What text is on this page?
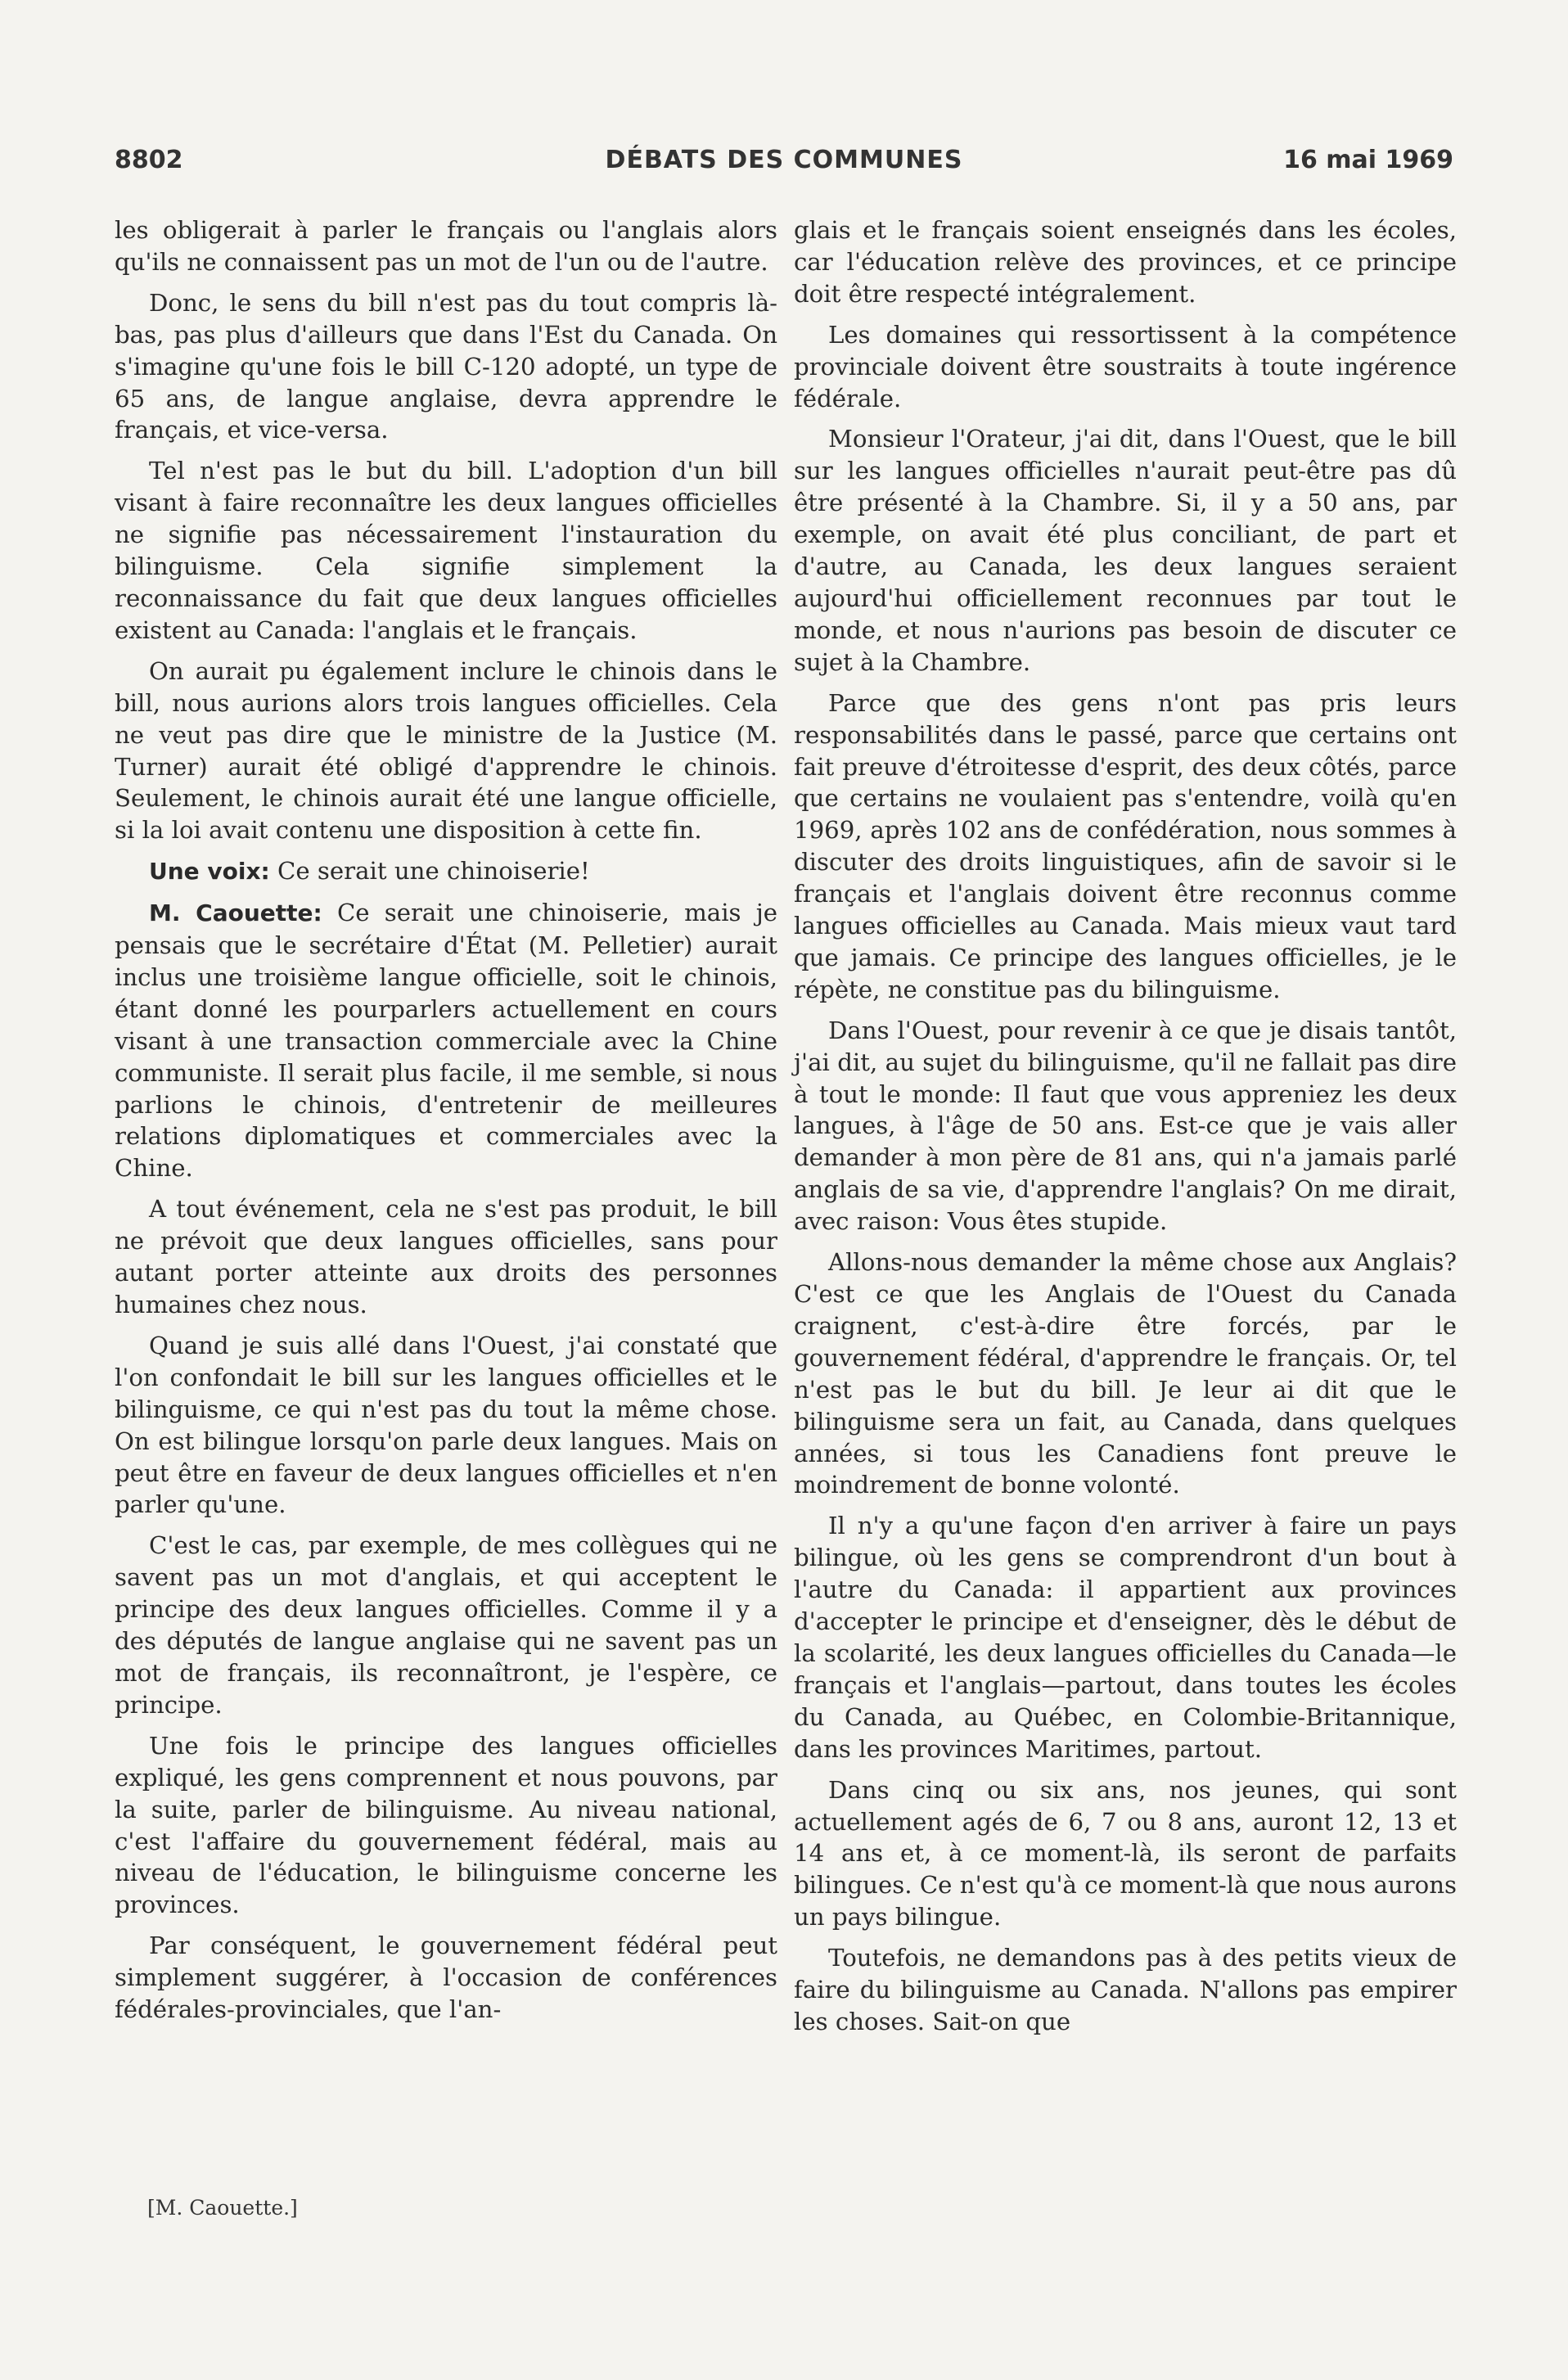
8802	DÉBATS DES COMMUNES	16 mai 1969

les obligerait à parler le français ou l'anglais alors qu'ils ne connaissent pas un mot de l'un ou de l'autre.

Donc, le sens du bill n'est pas du tout compris là-bas, pas plus d'ailleurs que dans l'Est du Canada. On s'imagine qu'une fois le bill C-120 adopté, un type de 65 ans, de langue anglaise, devra apprendre le français, et vice-versa.

Tel n'est pas le but du bill. L'adoption d'un bill visant à faire reconnaître les deux langues officielles ne signifie pas nécessairement l'instauration du bilinguisme. Cela signifie simplement la reconnaissance du fait que deux langues officielles existent au Canada: l'anglais et le français.

On aurait pu également inclure le chinois dans le bill, nous aurions alors trois langues officielles. Cela ne veut pas dire que le ministre de la Justice (M. Turner) aurait été obligé d'apprendre le chinois. Seulement, le chinois aurait été une langue officielle, si la loi avait contenu une disposition à cette fin.

Une voix: Ce serait une chinoiserie!

M. Caouette: Ce serait une chinoiserie, mais je pensais que le secrétaire d'État (M. Pelletier) aurait inclus une troisième langue officielle, soit le chinois, étant donné les pourparlers actuellement en cours visant à une transaction commerciale avec la Chine communiste. Il serait plus facile, il me semble, si nous parlions le chinois, d'entretenir de meilleures relations diplomatiques et commerciales avec la Chine.

A tout événement, cela ne s'est pas produit, le bill ne prévoit que deux langues officielles, sans pour autant porter atteinte aux droits des personnes humaines chez nous.

Quand je suis allé dans l'Ouest, j'ai constaté que l'on confondait le bill sur les langues officielles et le bilinguisme, ce qui n'est pas du tout la même chose. On est bilingue lorsqu'on parle deux langues. Mais on peut être en faveur de deux langues officielles et n'en parler qu'une.

C'est le cas, par exemple, de mes collègues qui ne savent pas un mot d'anglais, et qui acceptent le principe des deux langues officielles. Comme il y a des députés de langue anglaise qui ne savent pas un mot de français, ils reconnaîtront, je l'espère, ce principe.

Une fois le principe des langues officielles expliqué, les gens comprennent et nous pouvons, par la suite, parler de bilinguisme. Au niveau national, c'est l'affaire du gouvernement fédéral, mais au niveau de l'éducation, le bilinguisme concerne les provinces.

Par conséquent, le gouvernement fédéral peut simplement suggérer, à l'occasion de conférences fédérales-provinciales, que l'an-

glais et le français soient enseignés dans les écoles, car l'éducation relève des provinces, et ce principe doit être respecté intégralement.

Les domaines qui ressortissent à la compétence provinciale doivent être soustraits à toute ingérence fédérale.

Monsieur l'Orateur, j'ai dit, dans l'Ouest, que le bill sur les langues officielles n'aurait peut-être pas dû être présenté à la Chambre. Si, il y a 50 ans, par exemple, on avait été plus conciliant, de part et d'autre, au Canada, les deux langues seraient aujourd'hui officiellement reconnues par tout le monde, et nous n'aurions pas besoin de discuter ce sujet à la Chambre.

Parce que des gens n'ont pas pris leurs responsabilités dans le passé, parce que certains ont fait preuve d'étroitesse d'esprit, des deux côtés, parce que certains ne voulaient pas s'entendre, voilà qu'en 1969, après 102 ans de confédération, nous sommes à discuter des droits linguistiques, afin de savoir si le français et l'anglais doivent être reconnus comme langues officielles au Canada. Mais mieux vaut tard que jamais. Ce principe des langues officielles, je le répète, ne constitue pas du bilinguisme.

Dans l'Ouest, pour revenir à ce que je disais tantôt, j'ai dit, au sujet du bilinguisme, qu'il ne fallait pas dire à tout le monde: Il faut que vous appreniez les deux langues, à l'âge de 50 ans. Est-ce que je vais aller demander à mon père de 81 ans, qui n'a jamais parlé anglais de sa vie, d'apprendre l'anglais? On me dirait, avec raison: Vous êtes stupide.

Allons-nous demander la même chose aux Anglais? C'est ce que les Anglais de l'Ouest du Canada craignent, c'est-à-dire être forcés, par le gouvernement fédéral, d'apprendre le français. Or, tel n'est pas le but du bill. Je leur ai dit que le bilinguisme sera un fait, au Canada, dans quelques années, si tous les Canadiens font preuve le moindrement de bonne volonté.

Il n'y a qu'une façon d'en arriver à faire un pays bilingue, où les gens se comprendront d'un bout à l'autre du Canada: il appartient aux provinces d'accepter le principe et d'enseigner, dès le début de la scolarité, les deux langues officielles du Canada—le français et l'anglais—partout, dans toutes les écoles du Canada, au Québec, en Colombie-Britannique, dans les provinces Maritimes, partout.

Dans cinq ou six ans, nos jeunes, qui sont actuellement agés de 6, 7 ou 8 ans, auront 12, 13 et 14 ans et, à ce moment-là, ils seront de parfaits bilingues. Ce n'est qu'à ce moment-là que nous aurons un pays bilingue.

Toutefois, ne demandons pas à des petits vieux de faire du bilinguisme au Canada. N'allons pas empirer les choses. Sait-on que

[M. Caouette.]
